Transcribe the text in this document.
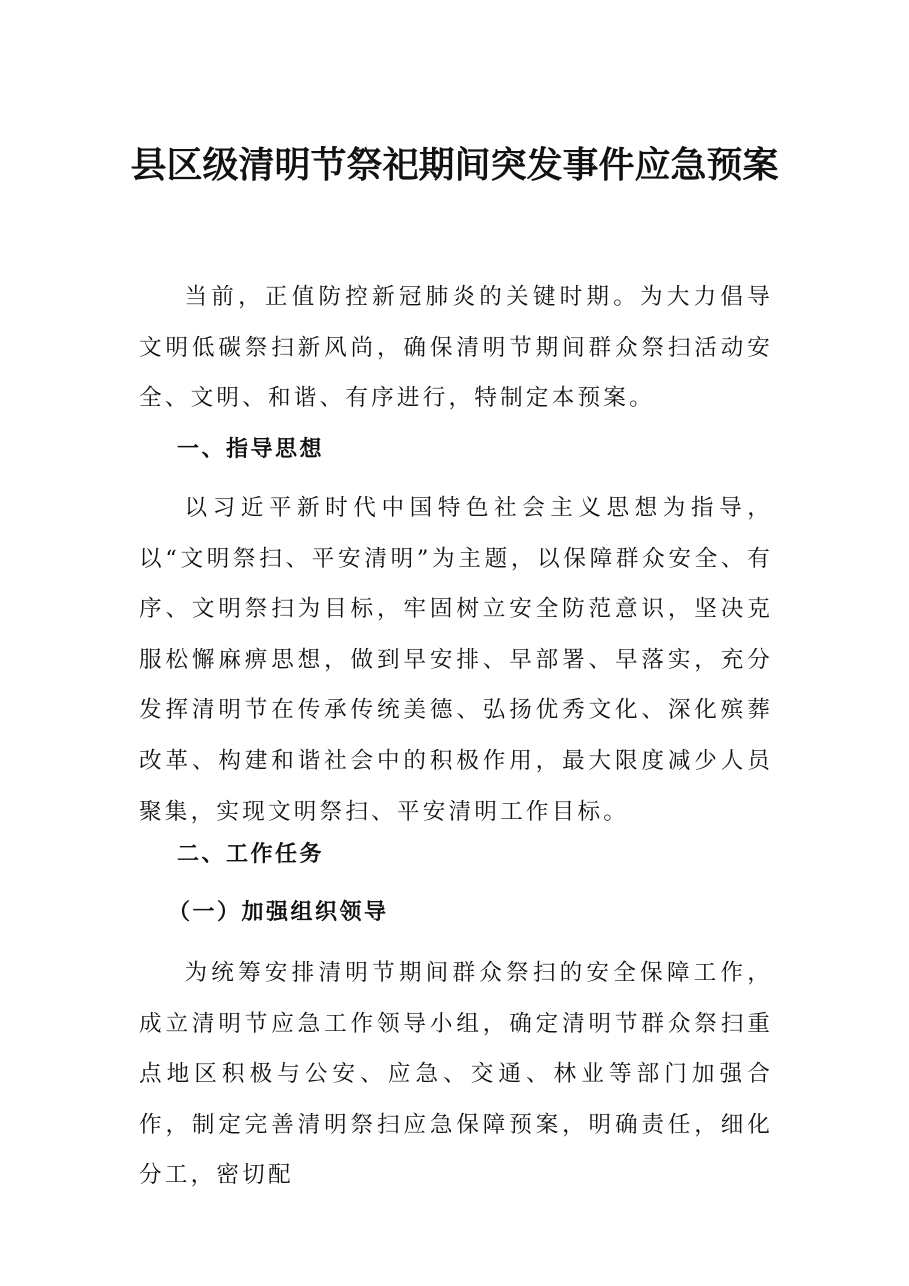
县区级清明节祭祀期间突发事件应急预案

当前，正值防控新冠肺炎的关键时期。为大力倡导文明低碳祭扫新风尚，确保清明节期间群众祭扫活动安全、文明、和谐、有序进行，特制定本预案。

一、指导思想

以习近平新时代中国特色社会主义思想为指导，以“文明祭扫、平安清明”为主题，以保障群众安全、有序、文明祭扫为目标，牢固树立安全防范意识，坚决克服松懈麻痹思想，做到早安排、早部署、早落实，充分发挥清明节在传承传统美德、弘扬优秀文化、深化殡葬改革、构建和谐社会中的积极作用，最大限度减少人员聚集，实现文明祭扫、平安清明工作目标。

二、工作任务
（一）加强组织领导

为统筹安排清明节期间群众祭扫的安全保障工作，成立清明节应急工作领导小组，确定清明节群众祭扫重点地区积极与公安、应急、交通、林业等部门加强合作，制定完善清明祭扫应急保障预案，明确责任，细化分工，密切配
